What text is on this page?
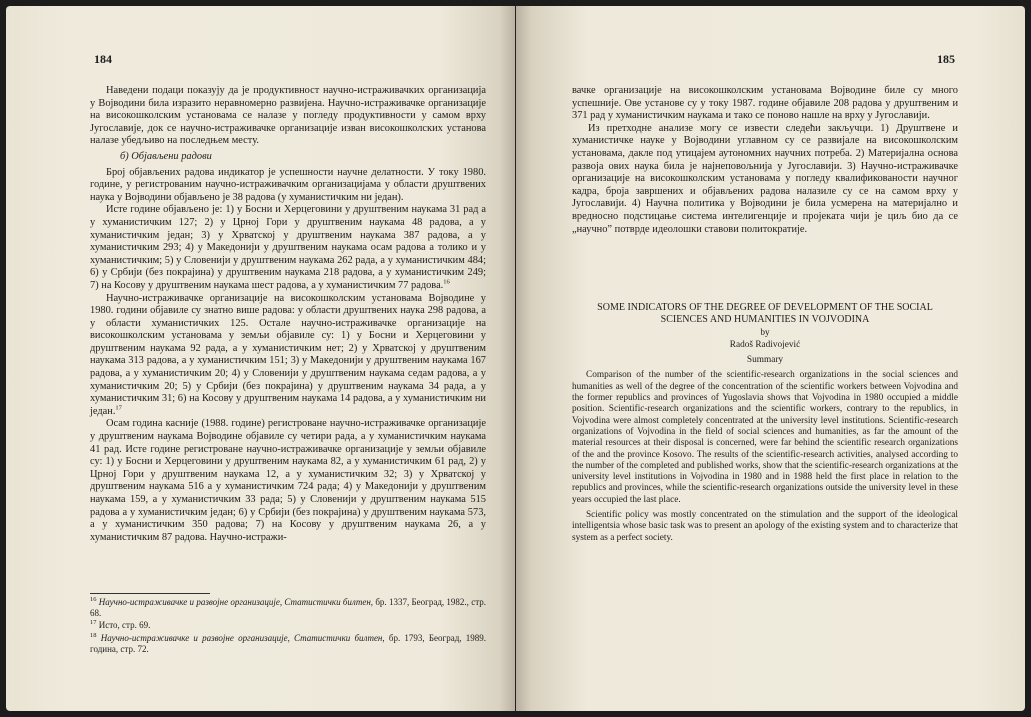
184

Наведени подаци показују да је продуктивност научно-истраживачких организација у Војводини била изразито неравномерно развијена. Научно-истраживачке организације на високошколским установама се налазе у погледу продуктивности у самом врху Југославије, док се научно-истраживачке организације изван високошколских установа налазе убедљиво на последњем месту.

б) Објављени радови

Број објављених радова индикатор је успешности научне делатности. У току 1980. године, у регистрованим научно-истраживачким организацијама у области друштвених наука у Војводини објављено је 38 радова (у хуманистичким ни један).

Исте године објављено је: 1) у Босни и Херцеговини у друштвеним наукама 31 рад а у хуманистичким 127; 2) у Црној Гори у друштвеним наукама 48 радова, а у хуманистичким један; 3) у Хрватској у друштвеним наукама 387 радова, а у хуманистичким 293; 4) у Македонији у друштвеним наукама осам радова а толико и у хуманистичким; 5) у Словенији у друштвеним наукама 262 рада, а у хуманистичким 484; 6) у Србији (без покрајина) у друштвеним наукама 218 радова, а у хуманистичким 249; 7) на Косову у друштвеним наукама шест радова, а у хуманистичким 77 радова.$^{16}$

Научно-истраживачке организације на високошколским установама Војводине у 1980. години објавиле су знатно више радова: у области друштвених наука 298 радова, а у области хуманистичких 125. Остале научно-истраживачке организације на високошколским установама у земљи објавиле су: 1) у Босни и Херцеговини у друштвеним наукама 92 рада, а у хуманистичким нет; 2) у Хрватској у друштвеним наукама 313 радова, а у хуманистичким 151; 3) у Македонији у друштвеним наукама 167 радова, а у хуманистичким 20; 4) у Словенији у друштвеним наукама седам радова, а у хуманистичким 20; 5) у Србији (без покрајина) у друштвеним наукама 34 рада, а у хуманистичким 31; 6) на Косову у друштвеним наукама 14 радова, а у хуманистичким ни један.$^{17}$

Осам година касније (1988. године) регистроване научно-истраживачке организације у друштвеним наукама Војводине објавиле су четири рада, а у хуманистичким наукама 41 рад. Исте године регистроване научно-истраживачке организације у земљи објавиле су: 1) у Босни и Херцеговини у друштвеним наукама 82, а у хуманистичким 61 рад, 2) у Црној Гори у друштвеним наукама 12, а у хуманистичким 32; 3) у Хрватској у друштвеним наукама 516 а у хуманистичким 724 рада; 4) у Македонији у друштвеним наукама 159, а у хуманистичким 33 рада; 5) у Словенији у друштвеним наукама 515 радова а у хуманистичким један; 6) у Србији (без покрајина) у друштвеним наукама 573, а у хуманистичким 350 радова; 7) на Косову у друштвеним наукама 26, а у хуманистичким 87 радова. Научно-истражи-

$^{16}$ Научно-истраживачке и развојне организације, Статистички билтен, бр. 1337, Београд, 1982., стр. 68.
$^{17}$ Исто, стр. 69.
$^{18}$ Научно-истраживачке и развојне организације, Статистички билтен, бр. 1793, Београд, 1989. година, стр. 72.
185

вачке организације на високошколским установама Војводине биле су много успешније. Ове установе су у току 1987. године објавиле 208 радова у друштвеним и 371 рад у хуманистичким наукама и тако се поново нашле на врху у Југославији.

Из претходне анализе могу се извести следећи закључци. 1) Друштвене и хуманистичке науке у Војводини углавном су се развијале на високошколским установама, дакле под утицајем аутономних научних потреба. 2) Материјална основа развоја ових наука била је најнеповољнија у Југославији. 3) Научно-истраживачке организације на високошколским установама у погледу квалификованости научног кадра, броја завршених и објављених радова налазиле су се на самом врху у Југославији. 4) Научна политика у Војводини је била усмерена на материјално и вредносно подстицање система интелигенције и пројеката чији је циљ био да се „научно” потврде идеолошки ставови политократије.

SOME INDICATORS OF THE DEGREE OF DEVELOPMENT OF THE SOCIAL
SCIENCES AND HUMANITIES IN VOJVODINA
by
Radoš Radivojević
Summary

Comparison of the number of the scientific-research organizations in the social sciences and humanities as well of the degree of the concentration of the scientific workers between Vojvodina and the former republics and provinces of Yugoslavia shows that Vojvodina in 1980 occupied a middle position. Scientific-research organizations and the scientific workers, contrary to the republics, in Vojvodina were almost completely concentrated at the university level institutions. Scientific-research organizations of Vojvodina in the field of social sciences and humanities, as far the amount of the material resources at their disposal is concerned, were far behind the scientific research organizations of the and the province Kosovo. The results of the scientific-research activities, analysed according to the number of the completed and published works, show that the scientific-research organizations at the university level institutions in Vojvodina in 1980 and in 1988 held the first place in relation to the republics and provinces, while the scientific-research organizations outside the university level in these years occupied the last place.

Scientific policy was mostly concentrated on the stimulation and the support of the ideological intelligentsia whose basic task was to present an apology of the existing system and to characterize that system as a perfect society.
